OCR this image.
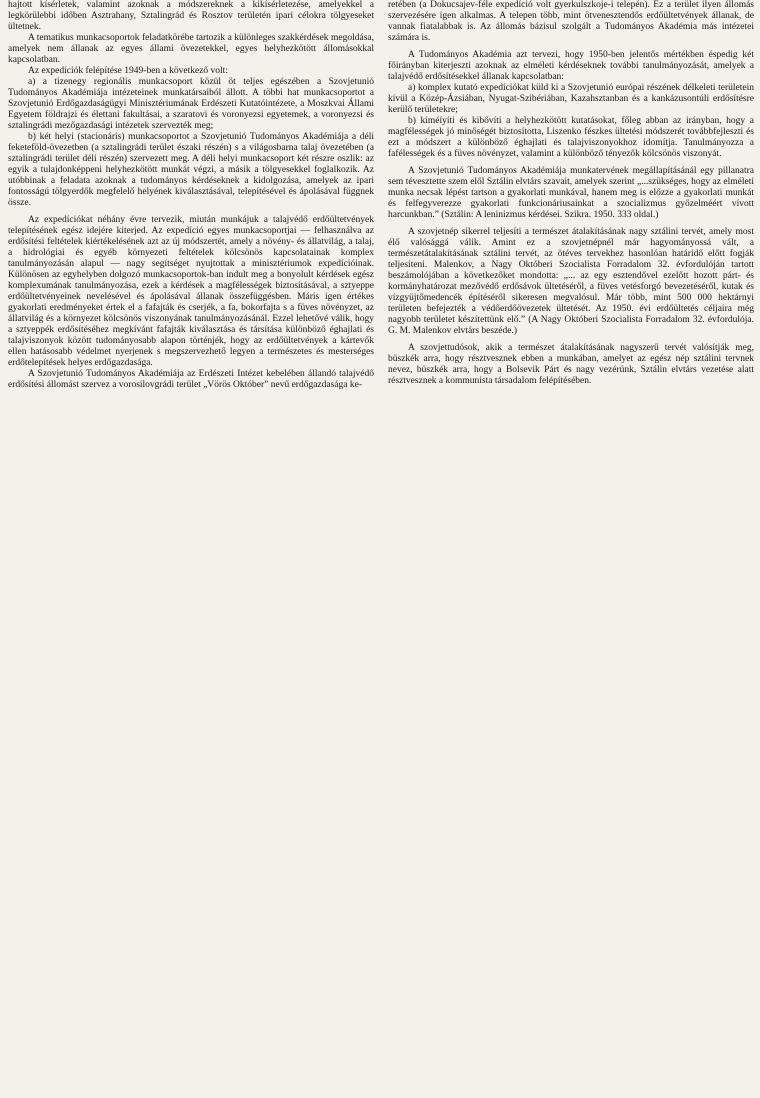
hajtott kísérletek, valamint azoknak a módszereknek a kikísérletezése, amelyekkel a legkörülebbi időben Asztrahany, Sztalingrád és Rosztov területén ipari célokra tölgyeseket ültetnek.

A tematikus munkacsoportok feladatkörébe tartozik a különleges szakkérdések megoldása, amelyek nem állanak az egyes állami övezetekkel, egyes helyhezkötött állomásokkal kapcsolatban.

Az expedíciók felépítése 1949-ben a következő volt:

a) a tizenegy regionális munkacsoport közül öt teljes egészében a Szovjetunió Tudományos Akadémiája intézeteinek munkatársaiból állott. A többi hat munkacsoportot a Szovjetunió Erdőgazdaságügyi Minisztériumának Erdészeti Kutatóintézete, a Moszkvai Állami Egyetem földrajzi és élettani fakultásai, a szaratovi és voronyezsi egyetemek, a voronyezsi és sztalingrádi mezőgazdasági intézetek szervezték meg;

b) két helyi (stacionáris) munkacsoportot a Szovjetunió Tudományos Akadémiája a déli feketeföld-övezetben (a sztalingrádi terület északi részén) s a világosbarna talaj övezetében (a sztalingrádi terület déli részén) szervezett meg. A déli helyi munkacsoport két részre oszlik: az egyik a tulajdonképpeni helyhezkötött munkát végzi, a másik a tölgyesekkel foglalkozik. Az utóbbinak a feladata azoknak a tudományos kérdéseknek a kidolgozása, amelyek az ipari fontosságú tölgyerdők megfelelő helyének kiválasztásával, telepítésével és ápolásával függnek össze.

Az expedíciókat néhány évre tervezik, miután munkájuk a talajvédő erdőültetvények telepítésének egész idejére kiterjed. Az expedíció egyes munkacsoportjai — felhasználva az erdősítési feltételek kiértékelésének azt az új módszertét, amely a növény- és állatvilág, a talaj, a hidrológiai és egyéb környezeti feltételek kölcsönös kapcsolatainak komplex tanulmányozásán alapul — nagy segítséget nyujtottak a minisztériumok expedícióinak. Különösen az egyhelyben dolgozó munkacsoportok-ban indult meg a bonyolult kérdések egész komplexumának tanulmányozása, ezek a kérdések a magfélességek biztosításával, a sztyeppe erdőültetvényeinek nevelésével és ápolásával állanak összefüggésben. Máris igen értékes gyakorlati eredményeket értek el a fafajták és cserjék, a fa, bokorfajta s a füves növényzet, az állatvilág és a környezet kölcsönös viszonyának tanulmányozásánál. Ezzel lehetővé válik, hogy a sztyeppék erdősítéséhez megkívánt fafajták kiválasztása és társítása különböző éghajlati és talajviszonyok között tudományosabb alapon történjék, hogy az erdőültetvények a kártevők ellen hatásosabb védelmet nyerjenek s megszervezhető legyen a természetes és mesterséges erdőtelepítések helyes erdőgazdasága.

A Szovjetunió Tudományos Akadémiája az Erdészeti Intézet kebelében állandó talajvédő erdősítési állomást szervez a vorosilovgrádi terület „Vörös Október” nevű erdőgazdasága ke-

retében (a Dokucsajev-féle expedíció volt gyerkulszkoje-i telepén). Ez a terület ilyen állomás szervezésére igen alkalmas. A telepen több, mint ötvenesztendős erdőültetvények állanak, de vannak fiatalabbak is. Az állomás bázisul szolgált a Tudományos Akadémia más intézetei számára is.

A Tudományos Akadémia azt tervezi, hogy 1950-ben jelentős mértékben éspedig két főirányban kiterjeszti azoknak az elméleti kérdéseknek további tanulmányozását, amelyek a talajvédő erdősítésekkel állanak kapcsolatban:

a) komplex kutató expedíciókat küld ki a Szovjetunió európai részének délkeleti területein kívül a Közép-Ázsiában, Nyugat-Szibériában, Kazahsztanban és a kankázusontúli erdősítésre kerülő területekre;

b) kiméíyíti és kibővíti a helyhezkötött kutatásokat, főleg abban az irányban, hogy a magfélességek jó minőségét biztosította, Liszenko fészkes ültetési módszerét továbbfejleszti és ezt a módszert a különböző éghajlati és talajviszonyokhoz idomítja. Tanulmányozza a fafélességek és a füves növényzet, valamint a különböző tényezők kölcsönös viszonyát.

A Szovjetunió Tudományos Akadémiája munkatervének megállapításánál egy pillanatra sem tévesztette szem elől Sztálin elvtárs szavait, amelyek szerint „...szükséges, hogy az elméleti munka necsak lépést tartson a gyakorlati munkával, hanem meg is előzze a gyakorlati munkát és felfegyverezze gyakorlati funkcionáriusainkat a szocializmus győzelméért vívott harcunkban.” (Sztálin: A leninizmus kérdései. Szikra. 1950. 333 oldal.)

A szovjetnép sikerrel teljesíti a természet átalakításának nagy sztálini tervét, amely most élő valósággá válik. Amint ez a szovjetnépnél már hagyományossá vált, a természetátalakításának sztálini tervét, az ötéves tervekhez hasonlóan határidő előtt fogják teljesíteni. Malenkov, a Nagy Októberi Szocialista Forradalom 32. évfordulóján tartott beszámolójában a következőket mondotta: „... az egy esztendővel ezelőtt hozott párt- és kormányhatározat mezővédő erdősávok ültetéséről, a füves vetésforgó bevezetéséről, kutak és vízgyüjtőmedencék építéséről sikeresen megvalósul. Már több, mint 500 000 hektárnyi területen befejezték a védőerdőövezetek ültetését. Az 1950. évi erdőültetés céljaira még nagyobb területet készítettünk elő.” (A Nagy Októberi Szocialista Forradalom 32. évfordulója. G. M. Malenkov elvtárs beszéde.)

A szovjettudósok, akik a természet átalakításának nagyszerű tervét valósítják meg, büszkék arra, hogy résztvesznek ebben a munkában, amelyet az egész nép sztálini tervnek nevez, büszkék arra, hogy a Bolsevik Párt és nagy vezérünk, Sztálin elvtárs vezetése alatt résztvesznek a kommunista társadalom felépítésében.
